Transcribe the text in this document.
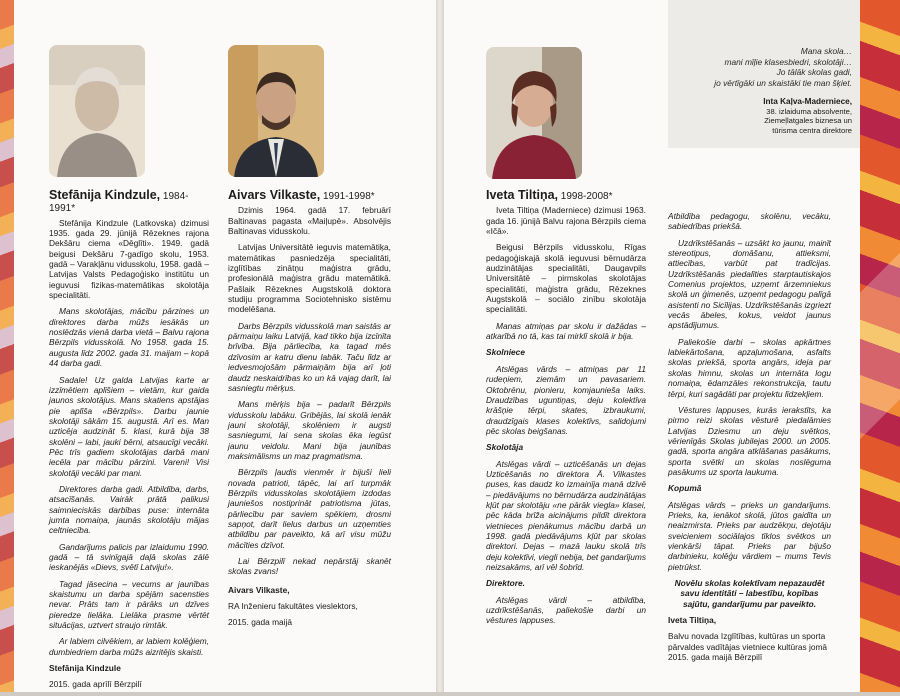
Mana skola…
mani mīļie klasesbiedri, skolotāji…
Jo tālāk skolas gadi,
jo vērtīgāki un skaistāki tie man šķiet.
Inta Kaļva-Maderniece,
38. izlaiduma absolvente,
Ziemeļlatgales biznesa un
tūrisma centra direktore
Stefānija Kindzule, 1984-1991*

Stefānija Kindzule (Latkovska) dzimusi 1935. gada 29. jūnijā Rēzeknes rajona Dekšāru ciema «Dēglīti». 1949. gadā beigusi Dekšāru 7-gadīgo skolu, 1953. gadā – Varakļānu vidusskolu, 1958. gadā – Latvijas Valsts Pedagoģisko institūtu un ieguvusi fizikas-matemātikas skolotāja specialitāti.

Mans skolotājas, mācību pārzines un direktores darba mūžs iesākās un noslēdzās vienā darba vietā – Balvu rajona Bērzpils vidusskolā. No 1958. gada 15. augusta līdz 2002. gada 31. maijam – kopā 44 darba gadi.

Sadale! Uz galda Latvijas karte ar izzīmētiem aplīšiem – vietām, kur gaida jaunos skolotājus. Mans skatiens apstājas pie aplīša «Bērzpils». Darbu jaunie skolotāji sākām 15. augustā. Arī es. Man uzticēja audzināt 5. klasi, kurā bija 38 skolēni – labi, jauki bērni, atsaucīgi vecāki. Pēc trīs gadiem skolotājas darbā mani iecēla par mācību pārzini. Vareni! Visi skolotāji vecāki par mani.

Direktores darba gadi. Atbildība, darbs, atsacīšanās. Vairāk prātā palikusi saimnieciskās darbības puse: internāta jumta nomaiņa, jaunās skolotāju mājas celtniecība.

Gandarījums palicis par izlaidumu 1990. gadā – tā svinīgajā daļā skolas zālē ieskanējās «Dievs, svētī Latviju!».

Tagad jāsecina – vecums ar jaunības skaistumu un darba spējām sacensties nevar. Prāts tam ir pārāks un dzīves pieredze lielāka. Lielāka prasme vērtēt situācijas, uztvert straujo rimtāk.

Ar labiem cilvēkiem, ar labiem kolēģiem, dumbiedriem darba mūžs aizritējis skaisti.

Stefānija Kindzule

2015. gada aprīlī Bērzpilī

Aivars Vilkaste, 1991-1998*

Dzimis 1964. gadā 17. februārī Baltinavas pagasta «Maiļupē». Absolvējis Baltinavas vidusskolu.

Latvijas Universitātē ieguvis matemātiķa, matemātikas pasniedzēja specialitāti, izglītības zinātņu maģistra grādu, profesionālā maģistra grādu matemātikā. Pašlaik Rēzeknes Augstskolā doktora studiju programma Sociotehnisko sistēmu modelēšana.

Darbs Bērzpils vidusskolā man saistās ar pārmaiņu laiku Latvijā, kad tikko bija izcīnīta brīvība. Bija pārliecība, ka tagad mēs dzīvosim ar katru dienu labāk. Taču līdz ar iedvesmojošām pārmaiņām bija arī ļoti daudz neskaidrības ko un kā vajag darīt, lai sasniegtu mērķus.

Mans mērķis bija – padarīt Bērzpils vidusskolu labāku. Gribējās, lai skolā ienāk jauni skolotāji, skolēniem ir augsti sasniegumi, lai sena skolas ēka iegūst jaunu veidolu. Mani bija jaunības maksimālisms un maz pragmatisma.

Bērzpils ļaudis vienmēr ir bijuši lieli novada patrioti, tāpēc, lai arī turpmāk Bērzpils vidusskolas skolotājiem izdodas jauniešos nostiprināt patriotisma jūtas, pārliecību par saviem spēkiem, drosmi sapņot, darīt lielus darbus un uzņemties atbildību par paveikto, kā arī visu mūžu mācīties dzīvot.

Lai Bērzpilī nekad nepārstāj skanēt skolas zvans!

Aivars Vilkaste,

RA Inženieru fakultātes vieslektors,

2015. gada maijā

Iveta Tiltiņa, 1998-2008*

Iveta Tiltiņa (Maderniece) dzimusi 1963. gada 16. jūnijā Balvu rajona Bērzpils ciema «Ičā».

Beigusi Bērzpils vidusskolu, Rīgas pedagoģiskajā skolā ieguvusi bērnudārza audzinātājas specialitāti, Daugavpils Universitātē – pirmskolas skolotājas specialitāti, maģistra grādu, Rēzeknes Augstskolā – sociālo zinību skolotāja specialitāti.

Manas atmiņas par skolu ir dažādas – atkarībā no tā, kas tai mirklī skolā ir bija.

Skolniece

Atslēgas vārds – atmiņas par 11 rudeņiem, ziemām un pavasariem. Oktobrēnu, pionieru, komjaunieša laiks. Draudzības uguntiņas, deju kolektīva krāšņie tērpi, skates, izbraukumi, draudzīgais klases kolektīvs, salidojumi pēc skolas beigšanas.

Skolotāja

Atslēgas vārdi – uzticēšanās un dejas Uzticēšanās no direktora Ā. Vilkastes puses, kas daudz ko izmainīja manā dzīvē – piedāvājums no bērnudārza audzinātājas kļūt par skolotāju «ne pārāk viegla» klasei, pēc kāda brīža aicinājums pildīt direktora vietnieces pienākumus mācību darbā un 1998. gadā piedāvājums kļūt par skolas direktori. Dejas – mazā lauku skolā trīs deju kolektīvi, viegli nebija, bet gandarījums neizsakāms, arī vēl šobrīd.

Direktore.

Atslēgas vārdi – atbildība, uzdrīkstēšanās, paliekošie darbi un vēstures lappuses.

Atbildība pedagogu, skolēnu, vecāku, sabiedrības priekšā.

Uzdrīkstēšanās – uzsākt ko jaunu, mainīt stereotipus, domāšanu, attieksmi, attiecības, varbūt pat tradīcijas. Uzdrīkstēšanās piedalīties starptautiskajos Comenius projektos, uzņemt ārzemniekus skolā un ģimenēs, uzņemt pedagogu palīgā asistenti no Sicīlijas. Uzdrīkstēšanās izgriezt vecās ābeles, kokus, veidot jaunus apstādījumus.

Paliekošie darbi – skolas apkārtnes labiekārtošana, apzaļumošana, asfalts skolas priekšā, sporta angārs, ideja par skolas himnu, skolas un internāta logu nomaiņa, ēdamzāles rekonstrukcija, tautu tērpi, kuri sagādāti par projektu līdzekļiem.

Vēstures lappuses, kurās ierakstīts, ka pirmo reizi skolas vēsturē piedalāmies Latvijas Dziesmu un deju svētkos, vērienīgās Skolas jubilejas 2000. un 2005. gadā, sporta angāra atklāšanas pasākums, sporta svētki un skolas noslēguma pasākums uz sporta laukuma.

Kopumā

Atslēgas vārds – prieks un gandarījums. Prieks, ka, ienākot skolā, jūtos gaidīta un neaizmirsta. Prieks par audzēkņu, dejotāju sveicieniem sociālajos tīklos svētkos un vienkārši tāpat. Prieks par bijušo darbinieku, kolēģu vārdiem – mums Tevis pietrūkst.

Novēlu skolas kolektīvam nepazaudēt savu identitāti – labestību, kopības sajūtu, gandarījumu par paveikto.

Iveta Tiltiņa,

Balvu novada Izglītības, kultūras un sporta

pārvaldes vadītājas vietniece kultūras jomā

2015. gada maijā Bērzpilī
